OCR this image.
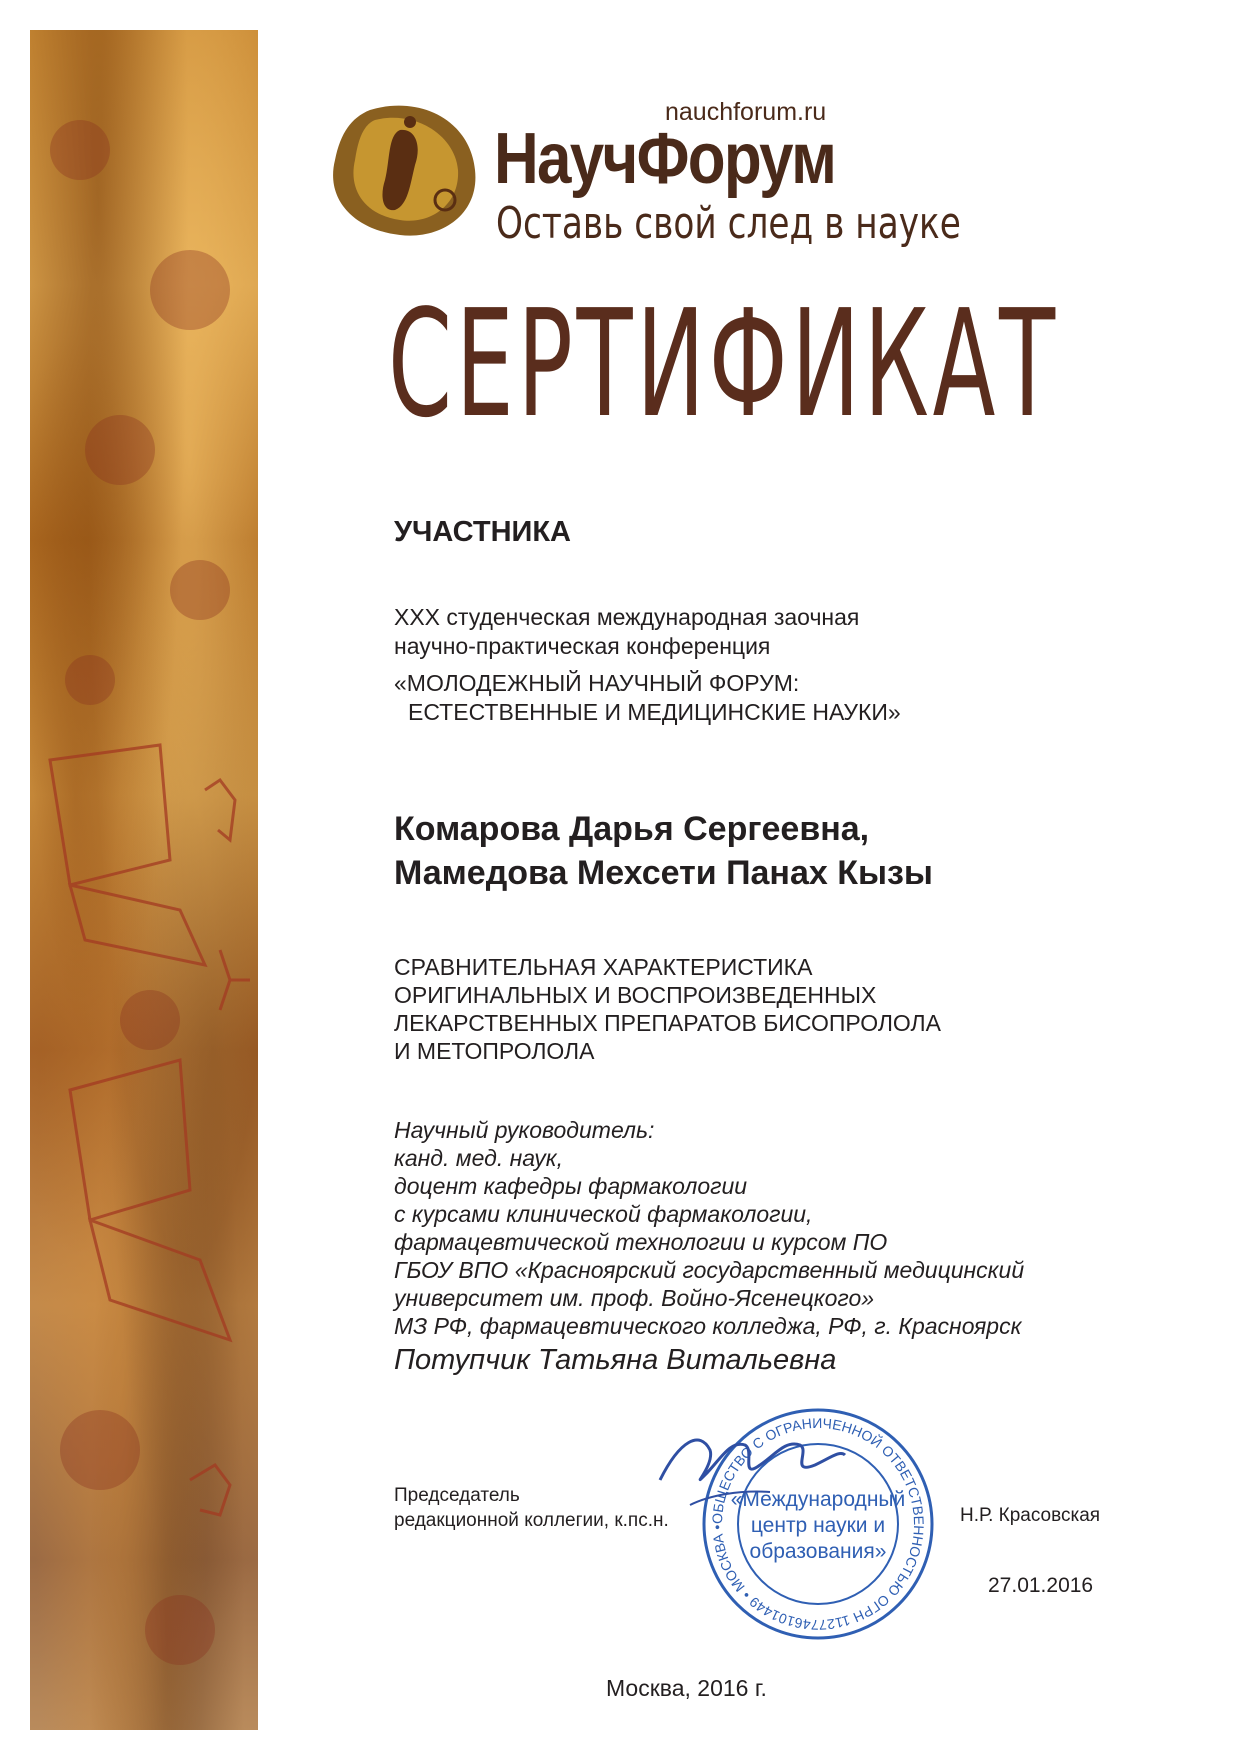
nauchforum.ru
НаучФорум
Оставь свой след в науке
СЕРТИФИКАТ
УЧАСТНИКА
XXX студенческая международная заочная
научно-практическая конференция
«МОЛОДЕЖНЫЙ НАУЧНЫЙ ФОРУМ:
ЕСТЕСТВЕННЫЕ И МЕДИЦИНСКИЕ НАУКИ»
Комарова Дарья Сергеевна,
Мамедова Мехсети Панах Кызы
СРАВНИТЕЛЬНАЯ ХАРАКТЕРИСТИКА
ОРИГИНАЛЬНЫХ И ВОСПРОИЗВЕДЕННЫХ
ЛЕКАРСТВЕННЫХ ПРЕПАРАТОВ БИСОПРОЛОЛА
И МЕТОПРОЛОЛА
Научный руководитель:
канд. мед. наук,
доцент кафедры фармакологии
с курсами клинической фармакологии,
фармацевтической технологии и курсом ПО
ГБОУ ВПО «Красноярский государственный медицинский
университет им. проф. Войно-Ясенецкого»
МЗ РФ, фармацевтического колледжа, РФ, г. Красноярск
Потупчик Татьяна Витальевна
Председатель
редакционной коллегии, к.пс.н.	ОБЩЕСТВО С ОГРАНИЧЕННОЙ ОТВЕТСТВЕННОСТЬЮ ОГРН 1127746101449 • МОСКВА •
«Международный
центр науки и
образования»
Н.Р. Красовская
27.01.2016
Москва, 2016 г.
